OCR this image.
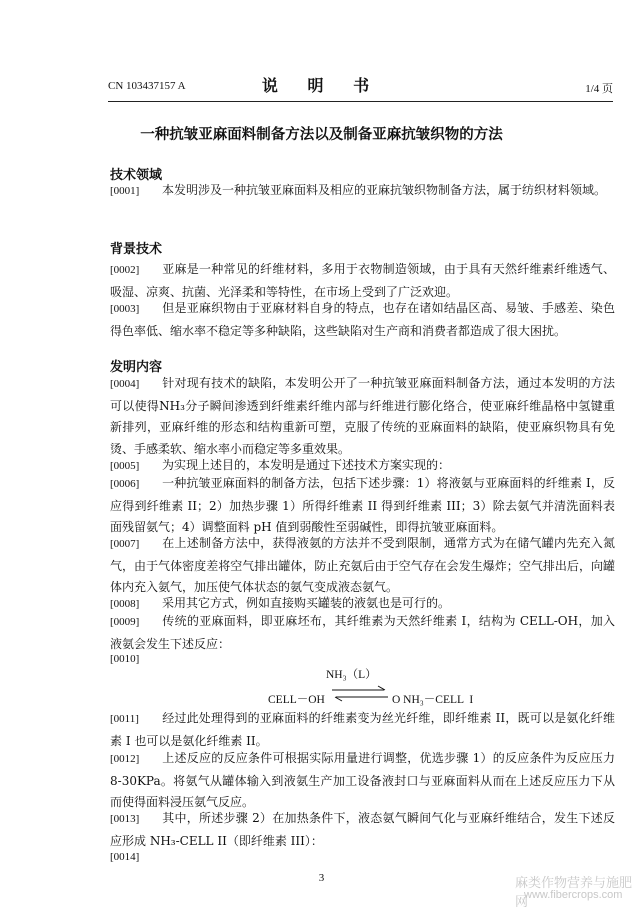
CN 103437157 A	说 明 书	1/4 页
一种抗皱亚麻面料制备方法以及制备亚麻抗皱织物的方法
技术领域
[0001] 本发明涉及一种抗皱亚麻面料及相应的亚麻抗皱织物制备方法，属于纺织材料领域。
背景技术
[0002] 亚麻是一种常见的纤维材料，多用于衣物制造领域，由于具有天然纤维素纤维透气、吸湿、凉爽、抗菌、光泽柔和等特性，在市场上受到了广泛欢迎。
[0003] 但是亚麻织物由于亚麻材料自身的特点，也存在诸如结晶区高、易皱、手感差、染色得色率低、缩水率不稳定等多种缺陷，这些缺陷对生产商和消费者都造成了很大困扰。
发明内容
[0004] 针对现有技术的缺陷，本发明公开了一种抗皱亚麻面料制备方法，通过本发明的方法可以使得NH₃分子瞬间渗透到纤维素纤维内部与纤维进行膨化络合，使亚麻纤维晶格中氢键重新排列，亚麻纤维的形态和结构重新可塑，克服了传统的亚麻面料的缺陷，使亚麻织物具有免烫、手感柔软、缩水率小而稳定等多重效果。
[0005] 为实现上述目的，本发明是通过下述技术方案实现的：
[0006] 一种抗皱亚麻面料的制备方法，包括下述步骤：1）将液氨与亚麻面料的纤维素 I，反应得到纤维素 II；2）加热步骤 1）所得纤维素 II 得到纤维素 III；3）除去氨气并清洗面料表面残留氨气；4）调整面料 pH 值到弱酸性至弱碱性，即得抗皱亚麻面料。
[0007] 在上述制备方法中，获得液氨的方法并不受到限制，通常方式为在储气罐内先充入氮气，由于气体密度差将空气排出罐体，防止充氨后由于空气存在会发生爆炸；空气排出后，向罐体内充入氨气，加压使气体状态的氨气变成液态氨气。
[0008] 采用其它方式，例如直接购买罐装的液氨也是可行的。
[0009] 传统的亚麻面料，即亚麻坯布，其纤维素为天然纤维素 I，结构为 CELL-OH，加入液氨会发生下述反应：
[0010]
NH₃（L）
CELL－OH ⇌ O NH₃－CELL  I
[0011] 经过此处理得到的亚麻面料的纤维素变为丝光纤维，即纤维素 II，既可以是氨化纤维素 I 也可以是氨化纤维素 II。
[0012] 上述反应的反应条件可根据实际用量进行调整，优选步骤 1）的反应条件为反应压力 8-30KPa。将氨气从罐体输入到液氨生产加工设备液封口与亚麻面料从而在上述反应压力下从而使得面料浸压氨气反应。
[0013] 其中，所述步骤 2）在加热条件下，液态氨气瞬间气化与亚麻纤维结合，发生下述反应形成 NH₃-CELL II（即纤维素 III）：
[0014]
3	麻类作物营养与施肥网
www.fibercrops.com
